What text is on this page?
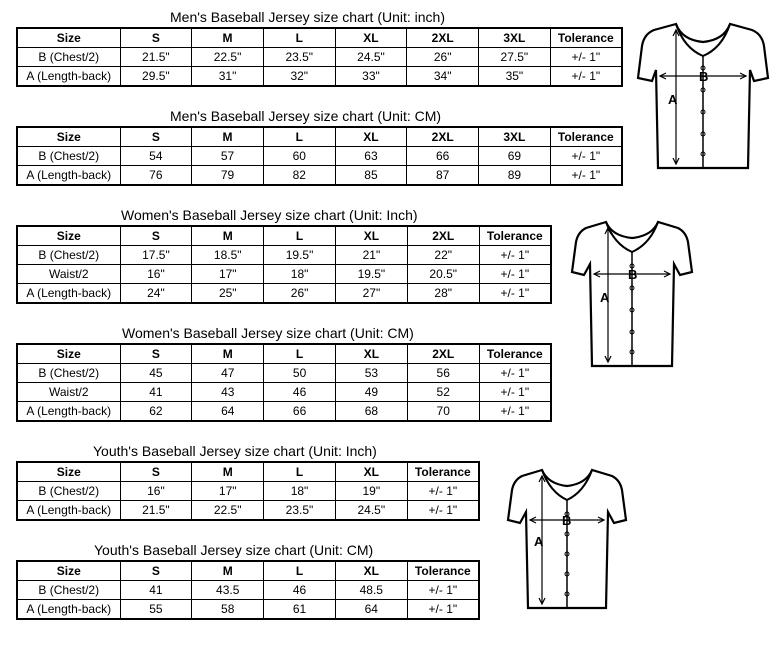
Men's Baseball Jersey size chart (Unit: inch)
Men's Baseball Jersey size chart (Unit: CM)
Women's Baseball Jersey size chart (Unit: Inch)
Women's Baseball Jersey size chart (Unit: CM)
Youth's Baseball Jersey size chart (Unit: Inch)
Youth's Baseball Jersey size chart (Unit: CM)
Size	S	M	L	XL	2XL	3XL	Tolerance
B (Chest/2)	21.5"	22.5"	23.5"	24.5"	26"	27.5"	+/- 1"
A (Length-back)	29.5"	31"	32"	33"	34"	35"	+/- 1"
Size	S	M	L	XL	2XL	3XL	Tolerance
B (Chest/2)	54	57	60	63	66	69	+/- 1"
A (Length-back)	76	79	82	85	87	89	+/- 1"
Size	S	M	L	XL	2XL	Tolerance
B (Chest/2)	17.5"	18.5"	19.5"	21"	22"	+/- 1"
Waist/2	16"	17"	18"	19.5"	20.5"	+/- 1"
A (Length-back)	24"	25"	26"	27"	28"	+/- 1"
Size	S	M	L	XL	2XL	Tolerance
B (Chest/2)	45	47	50	53	56	+/- 1"
Waist/2	41	43	46	49	52	+/- 1"
A (Length-back)	62	64	66	68	70	+/- 1"
Size	S	M	L	XL	Tolerance
B (Chest/2)	16"	17"	18"	19"	+/- 1"
A (Length-back)	21.5"	22.5"	23.5"	24.5"	+/- 1"
Size	S	M	L	XL	Tolerance
B (Chest/2)	41	43.5	46	48.5	+/- 1"
A (Length-back)	55	58	61	64	+/- 1"
A
B
A
B
A
B
